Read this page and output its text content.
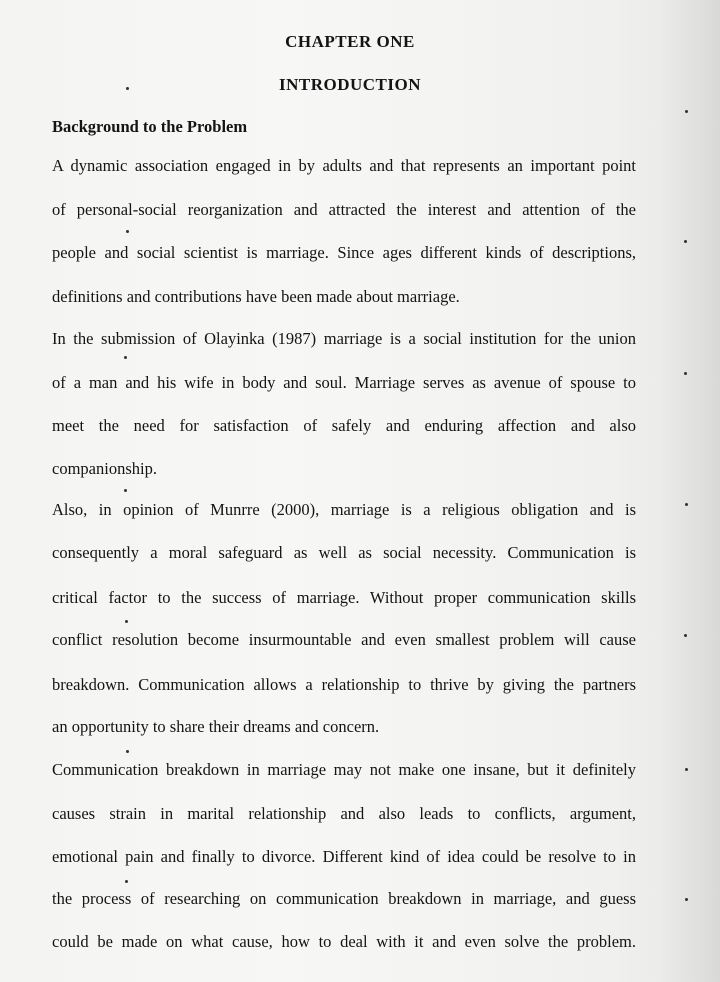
CHAPTER ONE
INTRODUCTION
Background to the Problem
A dynamic association engaged in by adults and that represents an important point
of personal-social reorganization and attracted the interest and attention of the
people and social scientist is marriage. Since ages different kinds of descriptions,
definitions and contributions have been made about marriage.
In the submission of Olayinka (1987) marriage is a social institution for the union
of a man and his wife in body and soul. Marriage serves as avenue of spouse to
meet the need for satisfaction of safely and enduring affection and also
companionship.
Also, in opinion of Munrre (2000), marriage is a religious obligation and is
consequently a moral safeguard as well as social necessity. Communication is
critical factor to the success of marriage. Without proper communication skills
conflict resolution become insurmountable and even smallest problem will cause
breakdown. Communication allows a relationship to thrive by giving the partners
an opportunity to share their dreams and concern.
Communication breakdown in marriage may not make one insane, but it definitely
causes strain in marital relationship and also leads to conflicts, argument,
emotional pain and finally to divorce. Different kind of idea could be resolve to in
the process of researching on communication breakdown in marriage, and guess
could be made on what cause, how to deal with it and even solve the problem.
